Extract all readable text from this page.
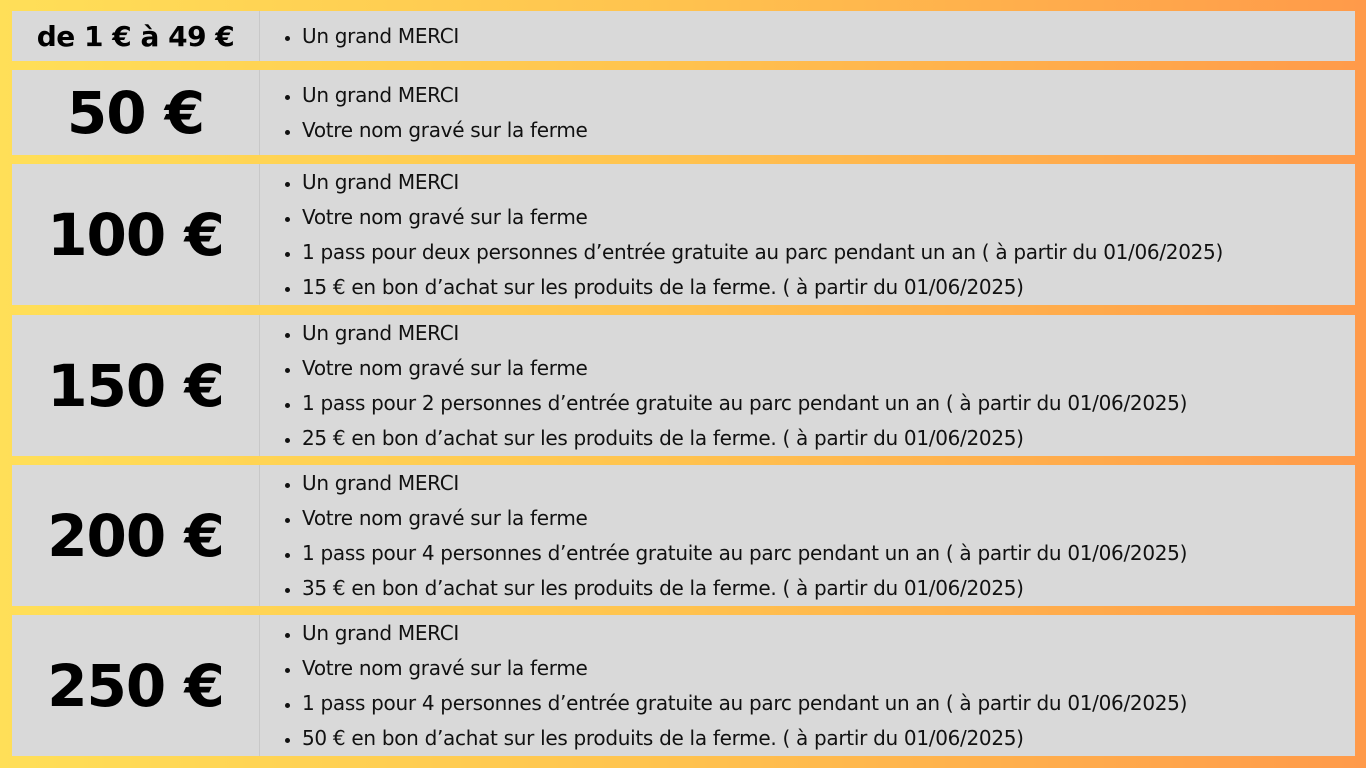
de 1 € à 49 €	• Un grand MERCI
50 €	• Un grand MERCI
• Votre nom gravé sur la ferme
100 €
• Un grand MERCI
• Votre nom gravé sur la ferme
• 1 pass pour deux personnes d’entrée gratuite au parc pendant un an ( à partir du 01/06/2025)
• 15 € en bon d’achat sur les produits de la ferme. ( à partir du 01/06/2025)
150 €
• Un grand MERCI
• Votre nom gravé sur la ferme
• 1 pass pour 2 personnes d’entrée gratuite au parc pendant un an ( à partir du 01/06/2025)
• 25 € en bon d’achat sur les produits de la ferme. ( à partir du 01/06/2025)
200 €
• Un grand MERCI
• Votre nom gravé sur la ferme
• 1 pass pour 4 personnes d’entrée gratuite au parc pendant un an ( à partir du 01/06/2025)
• 35 € en bon d’achat sur les produits de la ferme. ( à partir du 01/06/2025)
250 €
• Un grand MERCI
• Votre nom gravé sur la ferme
• 1 pass pour 4 personnes d’entrée gratuite au parc pendant un an ( à partir du 01/06/2025)
• 50 € en bon d’achat sur les produits de la ferme. ( à partir du 01/06/2025)
